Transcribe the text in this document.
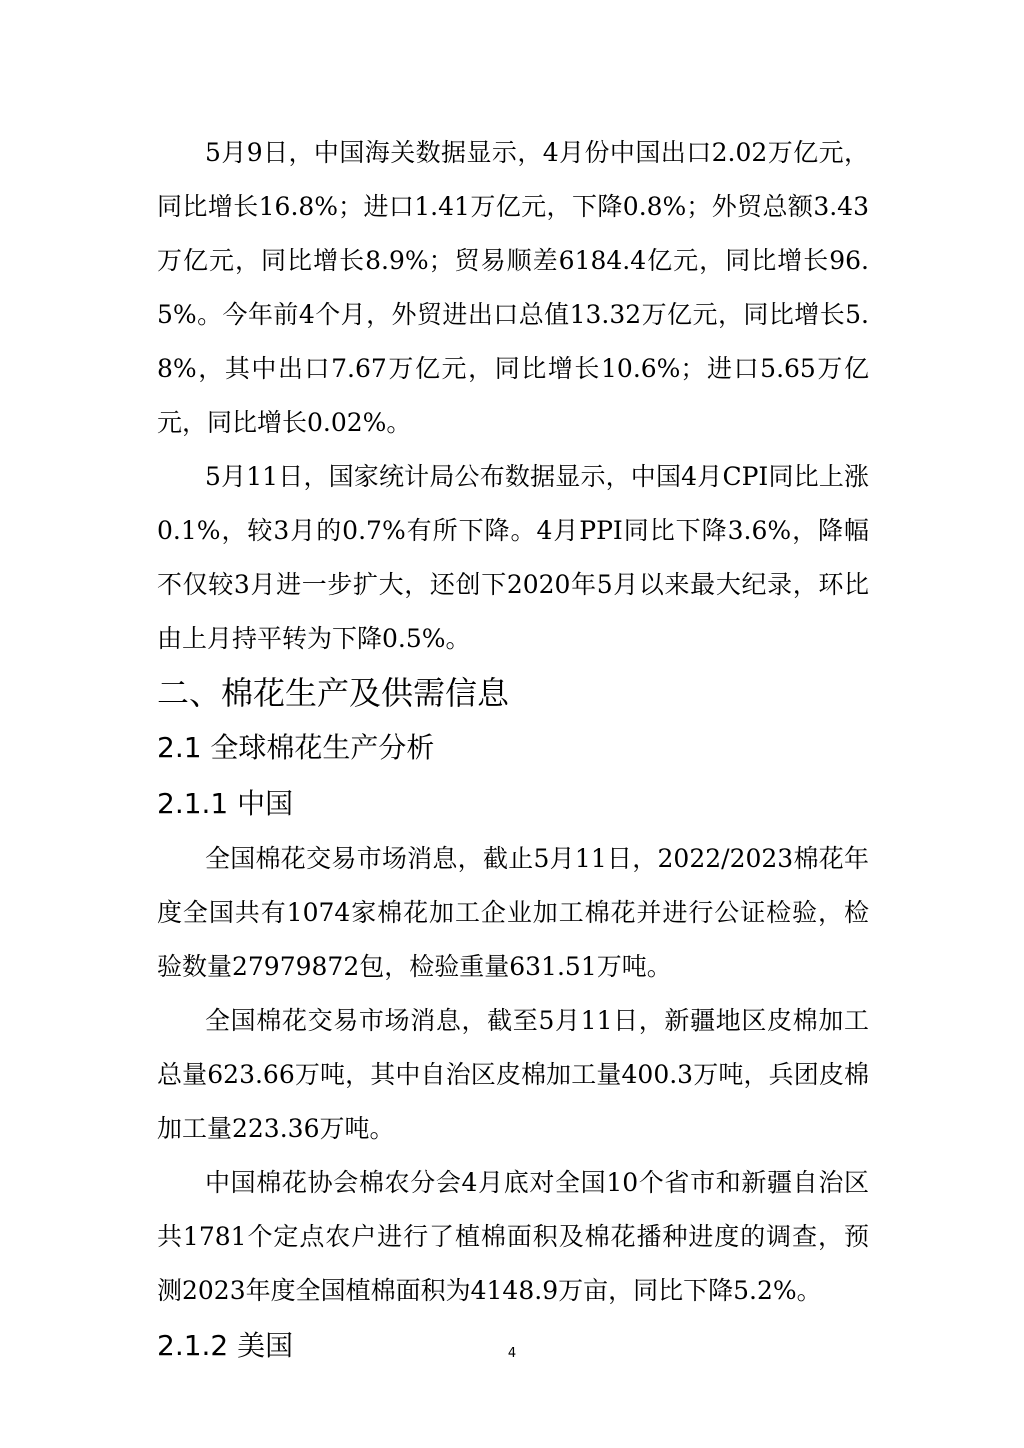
5月9日，中国海关数据显示，4月份中国出口2.02万亿元，同比增长16.8%；进口1.41万亿元，下降0.8%；外贸总额3.43万亿元，同比增长8.9%；贸易顺差6184.4亿元，同比增长96.5%。今年前4个月，外贸进出口总值13.32万亿元，同比增长5.8%，其中出口7.67万亿元，同比增长10.6%；进口5.65万亿元，同比增长0.02%。

5月11日，国家统计局公布数据显示，中国4月CPI同比上涨0.1%，较3月的0.7%有所下降。4月PPI同比下降3.6%，降幅不仅较3月进一步扩大，还创下2020年5月以来最大纪录，环比由上月持平转为下降0.5%。

二、棉花生产及供需信息
2.1 全球棉花生产分析
2.1.1 中国

全国棉花交易市场消息，截止5月11日，2022/2023棉花年度全国共有1074家棉花加工企业加工棉花并进行公证检验，检验数量27979872包，检验重量631.51万吨。

全国棉花交易市场消息，截至5月11日，新疆地区皮棉加工总量623.66万吨，其中自治区皮棉加工量400.3万吨，兵团皮棉加工量223.36万吨。

中国棉花协会棉农分会4月底对全国10个省市和新疆自治区共1781个定点农户进行了植棉面积及棉花播种进度的调查，预测2023年度全国植棉面积为4148.9万亩，同比下降5.2%。

2.1.2 美国	4
